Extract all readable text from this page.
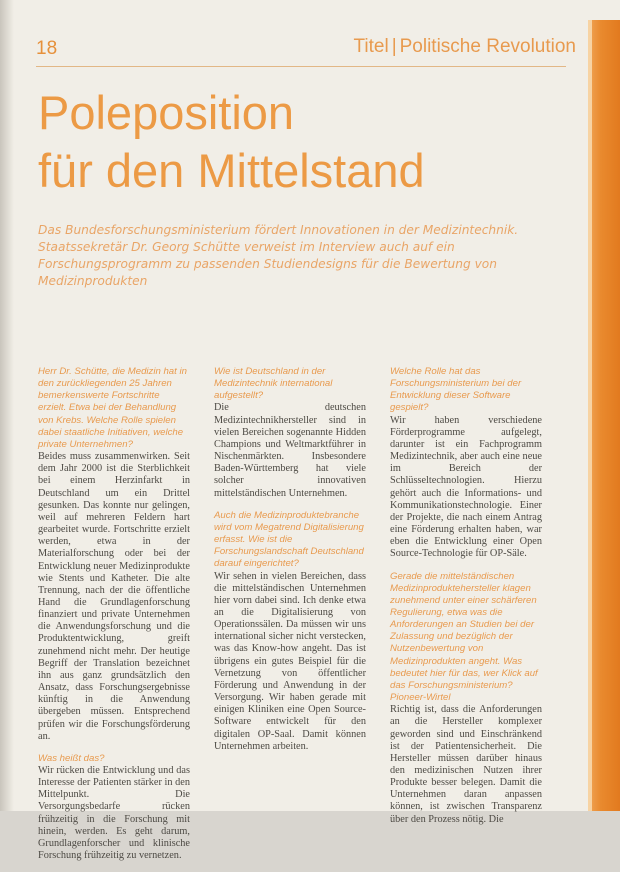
18	Titel | Politische Revolution
Poleposition
für den Mittelstand

Das Bundesforschungsministerium fördert Innovationen in der Medizintechnik. Staatssekretär Dr. Georg Schütte verweist im Interview auch auf ein Forschungsprogramm zu passenden Studiendesigns für die Bewertung von Medizinprodukten

Herr Dr. Schütte, die Medizin hat in den zurückliegenden 25 Jahren bemerkenswerte Fortschritte erzielt. Etwa bei der Behandlung von Krebs. Welche Rolle spielen dabei staatliche Initiativen, welche private Unternehmen?

Beides muss zusammenwirken. Seit dem Jahr 2000 ist die Sterblichkeit bei einem Herzinfarkt in Deutschland um ein Drittel gesunken. Das konnte nur gelingen, weil auf mehreren Feldern hart gearbeitet wurde. Fortschritte erzielt werden, etwa in der Materialforschung oder bei der Entwicklung neuer Medizinprodukte wie Stents und Katheter. Die alte Trennung, nach der die öffentliche Hand die Grundlagenforschung finanziert und private Unternehmen die Anwendungsforschung und die Produktentwicklung, greift zunehmend nicht mehr. Der heutige Begriff der Translation bezeichnet ihn aus ganz grundsätzlich den Ansatz, dass Forschungsergebnisse künftig in die Anwendung übergeben müssen. Entsprechend prüfen wir die Forschungsförderung an.

Was heißt das?

Wir rücken die Entwicklung und das Interesse der Patienten stärker in den Mittelpunkt. Die Versorgungsbedarfe rücken frühzeitig in die Forschung mit hinein, werden. Es geht darum, Grundlagenforscher und klinische Forschung frühzeitig zu vernetzen.

Wie ist Deutschland in der Medizintechnik international aufgestellt?

Die deutschen Medizintechnikhersteller sind in vielen Bereichen sogenannte Hidden Champions und Weltmarktführer in Nischenmärkten. Insbesondere Baden-Württemberg hat viele solcher innovativen mittelständischen Unternehmen.

Auch die Medizinproduktebranche wird vom Megatrend Digitalisierung erfasst. Wie ist die Forschungslandschaft Deutschland darauf eingerichtet?

Wir sehen in vielen Bereichen, dass die mittelständischen Unternehmen hier vorn dabei sind. Ich denke etwa an die Digitalisierung von Operationssälen. Da müssen wir uns international sicher nicht verstecken, was das Know-how angeht. Das ist übrigens ein gutes Beispiel für die Vernetzung von öffentlicher Förderung und Anwendung in der Versorgung. Wir haben gerade mit einigen Kliniken eine Open Source-Software entwickelt für den digitalen OP-Saal. Damit können Unternehmen arbeiten.

Welche Rolle hat das Forschungsministerium bei der Entwicklung dieser Software gespielt?

Wir haben verschiedene Förderprogramme aufgelegt, darunter ist ein Fachprogramm Medizintechnik, aber auch eine neue im Bereich der Schlüsseltechnologien. Hierzu gehört auch die Informations- und Kommunikationstechnologie. Einer der Projekte, die nach einem Antrag eine Förderung erhalten haben, war eben die Entwicklung einer Open Source-Technologie für OP-Säle.

Gerade die mittelständischen Medizinproduktehersteller klagen zunehmend unter einer schärferen Regulierung, etwa was die Anforderungen an Studien bei der Zulassung und bezüglich der Nutzenbewertung von Medizinprodukten angeht. Was bedeutet hier für das, wer Klick auf das Forschungsministerium? Pioneer-Wirtel

Richtig ist, dass die Anforderungen an die Hersteller komplexer geworden sind und Einschränkend ist der Patientensicherheit. Die Hersteller müssen darüber hinaus den medizinischen Nutzen ihrer Produkte besser belegen. Damit die Unternehmen daran anpassen können, ist zwischen Transparenz über den Prozess nötig. Die
